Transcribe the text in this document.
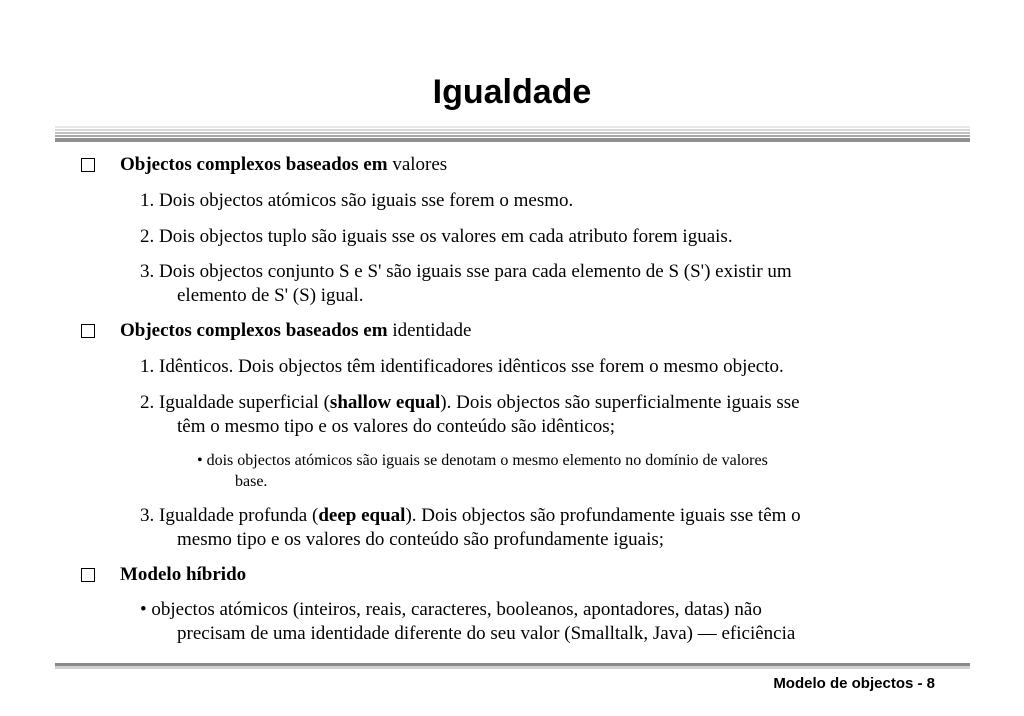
Igualdade
Objectos complexos baseados em valores
1. Dois objectos atómicos são iguais sse forem o mesmo.
2. Dois objectos tuplo são iguais sse os valores em cada atributo forem iguais.
3. Dois objectos conjunto S e S' são iguais sse para cada elemento de S (S') existir um
elemento de S' (S) igual.
Objectos complexos baseados em identidade
1. Idênticos. Dois objectos têm identificadores idênticos sse forem o mesmo objecto.
2. Igualdade superficial (shallow equal). Dois objectos são superficialmente iguais sse
têm o mesmo tipo e os valores do conteúdo são idênticos;
• dois objectos atómicos são iguais se denotam o mesmo elemento no domínio de valores
base.
3. Igualdade profunda (deep equal). Dois objectos são profundamente iguais sse têm o
mesmo tipo e os valores do conteúdo são profundamente iguais;
Modelo híbrido
• objectos atómicos (inteiros, reais, caracteres, booleanos, apontadores, datas) não
precisam de uma identidade diferente do seu valor (Smalltalk, Java) — eficiência
Modelo de objectos - 8
